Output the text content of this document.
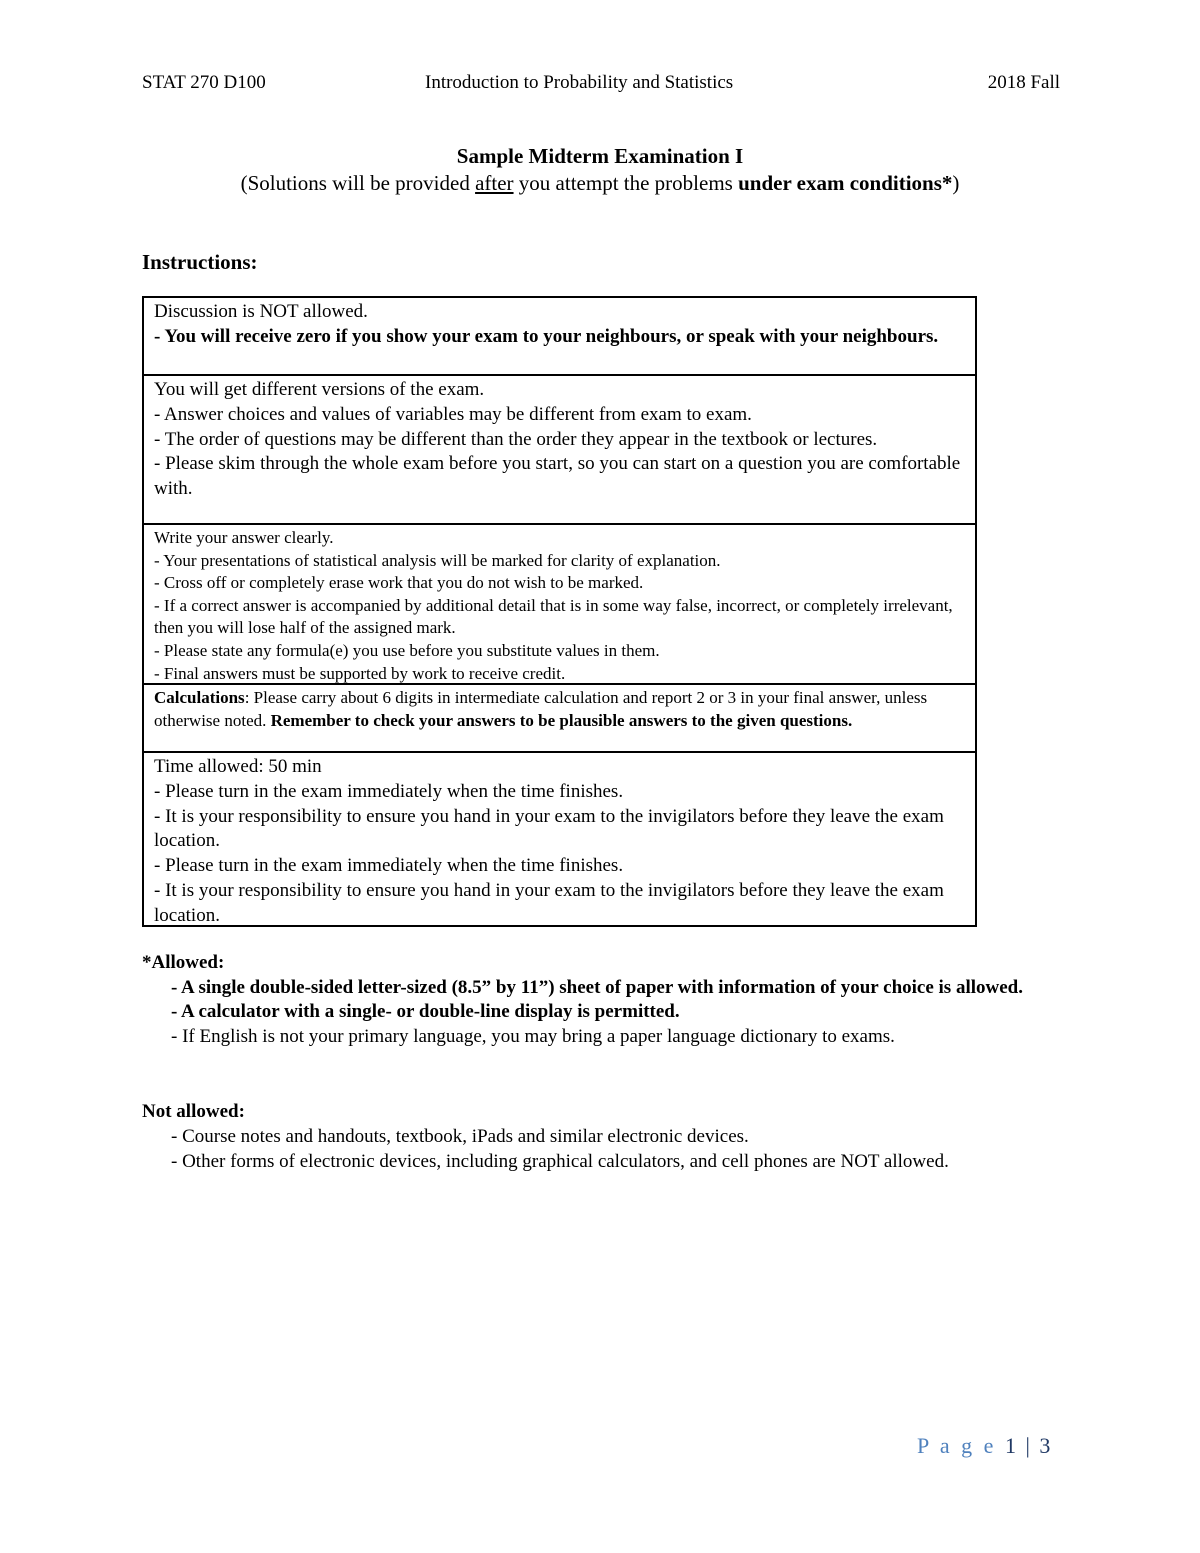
STAT 270 D100	Introduction to Probability and Statistics	2018 Fall
Sample Midterm Examination I
(Solutions will be provided after you attempt the problems under exam conditions*)
Instructions:
Discussion is NOT allowed.
- You will receive zero if you show your exam to your neighbours, or speak with your neighbours.
You will get different versions of the exam.
- Answer choices and values of variables may be different from exam to exam.
- The order of questions may be different than the order they appear in the textbook or lectures.
- Please skim through the whole exam before you start, so you can start on a question you are comfortable with.
Write your answer clearly.
- Your presentations of statistical analysis will be marked for clarity of explanation.
- Cross off or completely erase work that you do not wish to be marked.
- If a correct answer is accompanied by additional detail that is in some way false, incorrect, or completely irrelevant, then you will lose half of the assigned mark.
- Please state any formula(e) you use before you substitute values in them.
- Final answers must be supported by work to receive credit.
Calculations: Please carry about 6 digits in intermediate calculation and report 2 or 3 in your final answer, unless otherwise noted. Remember to check your answers to be plausible answers to the given questions.
Time allowed: 50 min
- Please turn in the exam immediately when the time finishes.
- It is your responsibility to ensure you hand in your exam to the invigilators before they leave the exam location.
- Please turn in the exam immediately when the time finishes.
- It is your responsibility to ensure you hand in your exam to the invigilators before they leave the exam location.
*Allowed:
- A single double-sided letter-sized (8.5” by 11”) sheet of paper with information of your choice is allowed.
- A calculator with a single- or double-line display is permitted.
- If English is not your primary language, you may bring a paper language dictionary to exams.
Not allowed:
- Course notes and handouts, textbook, iPads and similar electronic devices.
- Other forms of electronic devices, including graphical calculators, and cell phones are NOT allowed.
P a g e 1 | 3
